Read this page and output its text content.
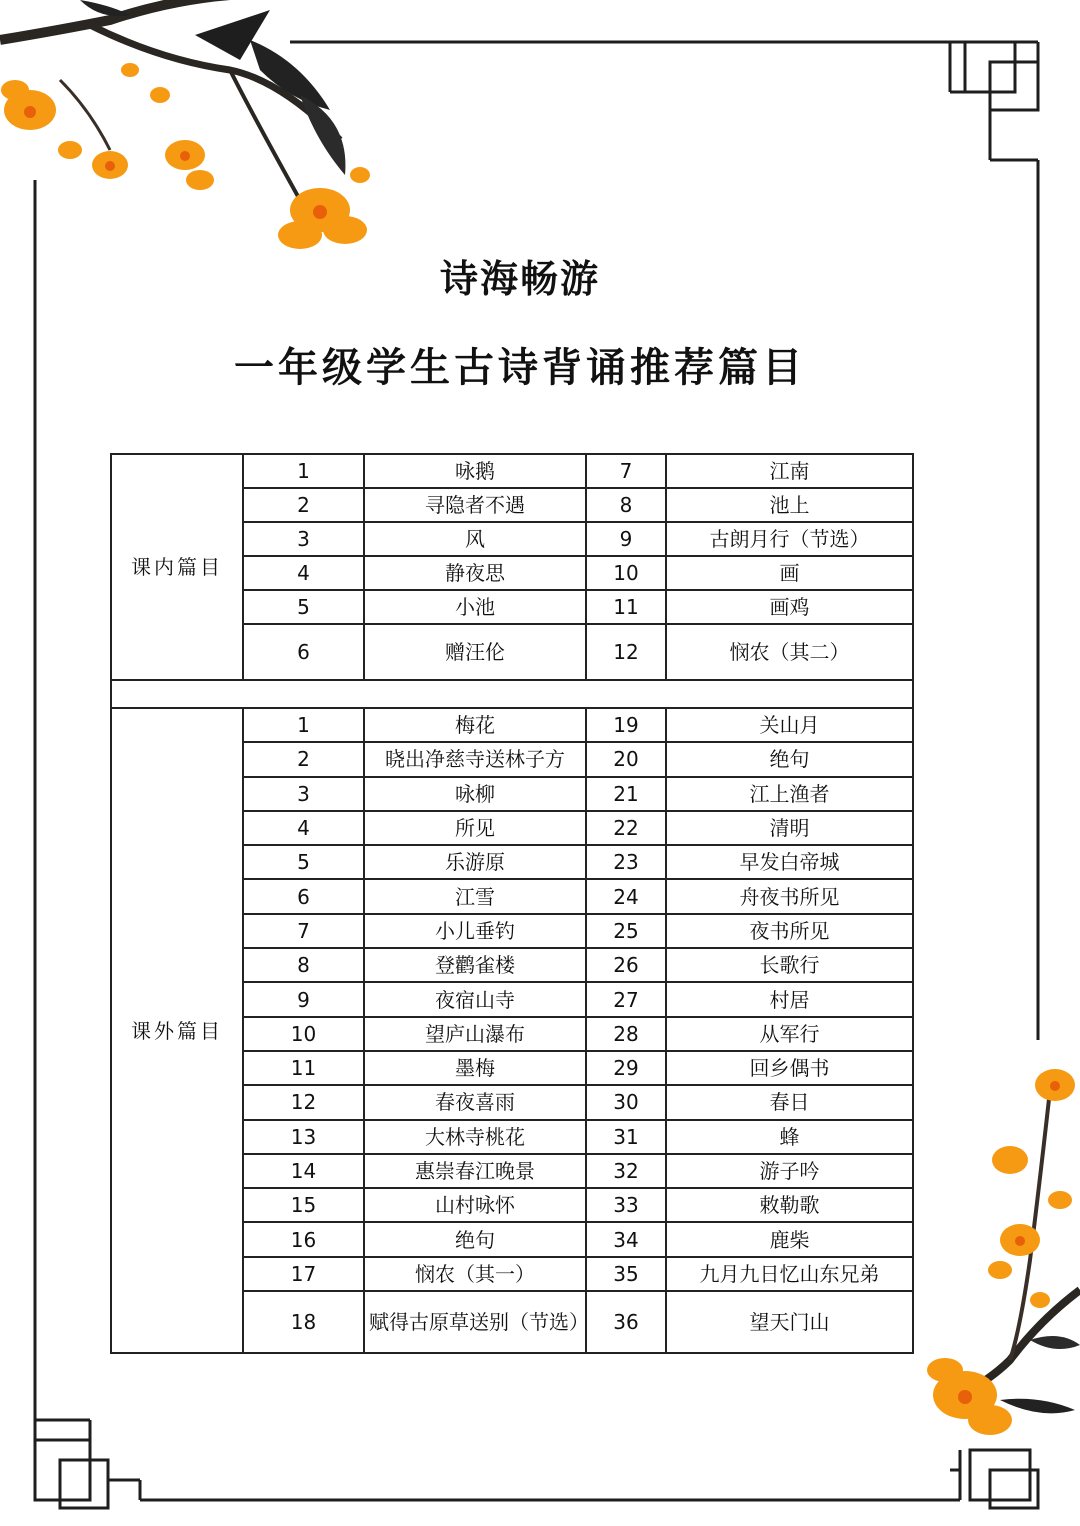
诗海畅游
一年级学生古诗背诵推荐篇目
课内篇目	1	咏鹅	7	江南
	2	寻隐者不遇	8	池上
	3	风	9	古朗月行（节选）
	4	静夜思	10	画
	5	小池	11	画鸡
	6	赠汪伦	12	悯农（其二）

课外篇目	1	梅花	19	关山月
	2	晓出净慈寺送林子方	20	绝句
	3	咏柳	21	江上渔者
	4	所见	22	清明
	5	乐游原	23	早发白帝城
	6	江雪	24	舟夜书所见
	7	小儿垂钓	25	夜书所见
	8	登鹳雀楼	26	长歌行
	9	夜宿山寺	27	村居
	10	望庐山瀑布	28	从军行
	11	墨梅	29	回乡偶书
	12	春夜喜雨	30	春日
	13	大林寺桃花	31	蜂
	14	惠崇春江晚景	32	游子吟
	15	山村咏怀	33	敕勒歌
	16	绝句	34	鹿柴
	17	悯农（其一）	35	九月九日忆山东兄弟
	18	赋得古原草送别（节选）	36	望天门山
